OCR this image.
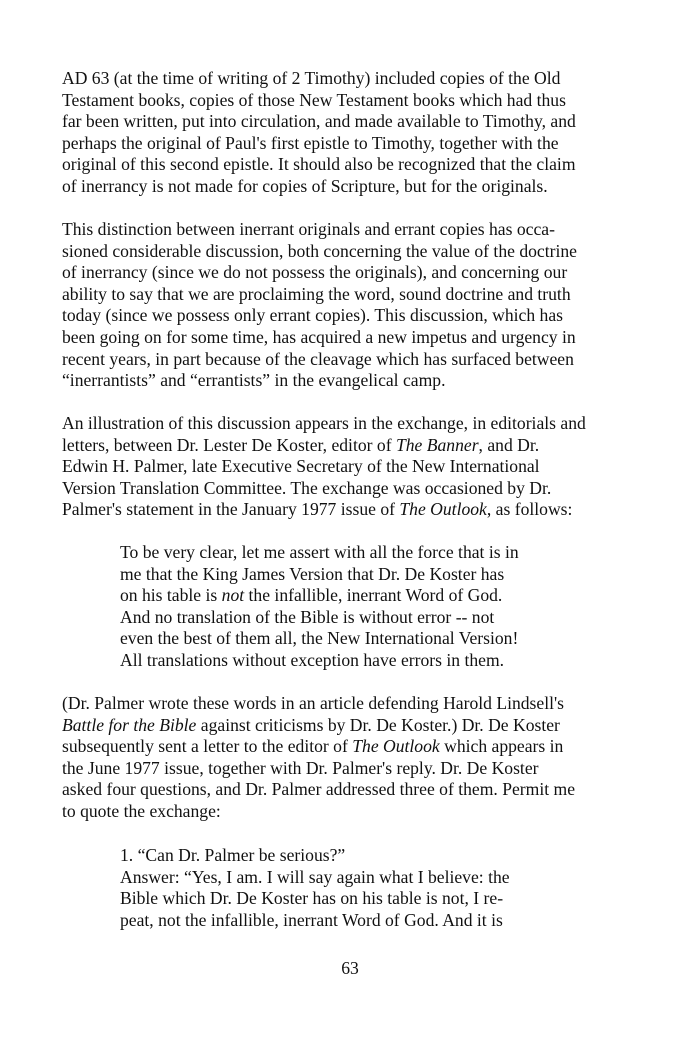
AD 63 (at the time of writing of 2 Timothy) included copies of the Old
Testament books, copies of those New Testament books which had thus
far been written, put into circulation, and made available to Timothy, and
perhaps the original of Paul's first epistle to Timothy, together with the
original of this second epistle. It should also be recognized that the claim
of inerrancy is not made for copies of Scripture, but for the originals.
This distinction between inerrant originals and errant copies has occa-
sioned considerable discussion, both concerning the value of the doctrine
of inerrancy (since we do not possess the originals), and concerning our
ability to say that we are proclaiming the word, sound doctrine and truth
today (since we possess only errant copies). This discussion, which has
been going on for some time, has acquired a new impetus and urgency in
recent years, in part because of the cleavage which has surfaced between
“inerrantists” and “errantists” in the evangelical camp.
An illustration of this discussion appears in the exchange, in editorials and
letters, between Dr. Lester De Koster, editor of The Banner, and Dr.
Edwin H. Palmer, late Executive Secretary of the New International
Version Translation Committee. The exchange was occasioned by Dr.
Palmer's statement in the January 1977 issue of The Outlook, as follows:
To be very clear, let me assert with all the force that is in
me that the King James Version that Dr. De Koster has
on his table is not the infallible, inerrant Word of God.
And no translation of the Bible is without error -- not
even the best of them all, the New International Version!
All translations without exception have errors in them.
(Dr. Palmer wrote these words in an article defending Harold Lindsell's
Battle for the Bible against criticisms by Dr. De Koster.) Dr. De Koster
subsequently sent a letter to the editor of The Outlook which appears in
the June 1977 issue, together with Dr. Palmer's reply. Dr. De Koster
asked four questions, and Dr. Palmer addressed three of them. Permit me
to quote the exchange:
1. “Can Dr. Palmer be serious?”
Answer: “Yes, I am. I will say again what I believe: the
Bible which Dr. De Koster has on his table is not, I re-
peat, not the infallible, inerrant Word of God. And it is
63
